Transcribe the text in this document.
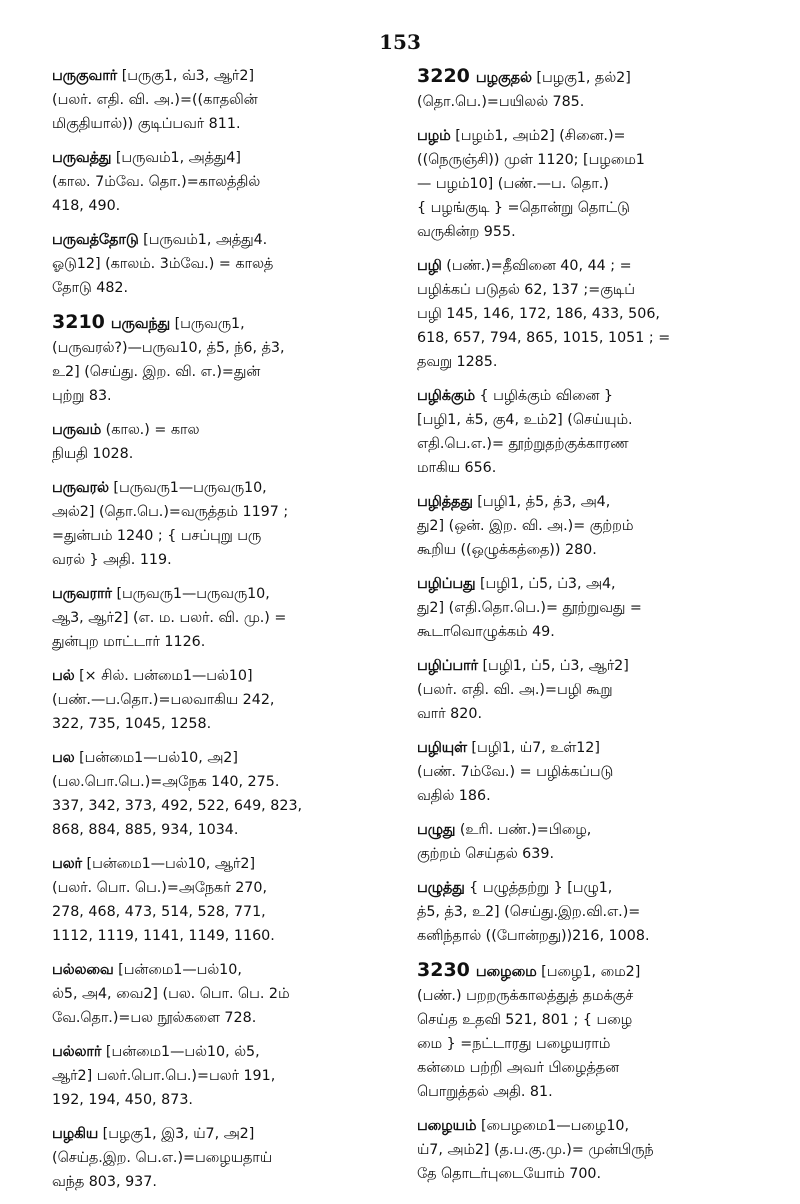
153
பருகுவார் [பருகு1, வ்3, ஆர்2]
(பலர். எதி. வி. அ.)=((காதலின்
மிகுதியால்)) குடிப்பவர் 811.
பருவத்து [பருவம்1, அத்து4]
(கால. 7ம்வே. தொ.)=காலத்தில்
418, 490.
பருவத்தோடு [பருவம்1, அத்து4.
ஓடு12] (காலம். 3ம்வே.) = காலத்
தோடு 482.
3210 பருவந்து [பருவரு1,
(பருவரல்?)—பருவ10, த்5, ந்6, த்3,
உ2] (செய்து. இற. வி. எ.)=துன்
புற்று 83.
பருவம் (கால.) = கால
நியதி 1028.
பருவரல் [பருவரு1—பருவரு10,
அல்2] (தொ.பெ.)=வருத்தம் 1197 ;
=துன்பம் 1240 ; { பசப்புறு பரு
வரல் } அதி. 119.
பருவரார் [பருவரு1—பருவரு10,
ஆ3, ஆர்2] (எ. ம. பலர். வி. மு.) =
துன்புற மாட்டார் 1126.
பல் [× சில். பன்மை1—பல்10]
(பண்.—ப.தொ.)=பலவாகிய 242,
322, 735, 1045, 1258.
பல [பன்மை1—பல்10, அ2]
(பல.பொ.பெ.)=அநேக 140, 275.
337, 342, 373, 492, 522, 649, 823,
868, 884, 885, 934, 1034.
பலர் [பன்மை1—பல்10, ஆர்2]
(பலர். பொ. பெ.)=அநேகர் 270,
278, 468, 473, 514, 528, 771,
1112, 1119, 1141, 1149, 1160.
பல்லவை [பன்மை1—பல்10,
ல்5, அ4, வை2] (பல. பொ. பெ. 2ம்
வே.தொ.)=பல நூல்களை 728.
பல்லார் [பன்மை1—பல்10, ல்5,
ஆர்2] பலர்.பொ.பெ.)=பலர் 191,
192, 194, 450, 873.
பழகிய [பழகு1, இ3, ய்7, அ2]
(செய்த.இற. பெ.எ.)=பழையதாய்
வந்த 803, 937.
3220 பழகுதல் [பழகு1, தல்2]
(தொ.பெ.)=பயிலல் 785.
பழம் [பழம்1, அம்2] (சினை.)=
((நெருஞ்சி)) முள் 1120; [பழமை1
— பழம்10] (பண்.—ப. தொ.)
{ பழங்குடி } =தொன்று தொட்டு
வருகின்ற 955.
பழி (பண்.)=தீவினை 40, 44 ; =
பழிக்கப் படுதல் 62, 137 ;=குடிப்
பழி 145, 146, 172, 186, 433, 506,
618, 657, 794, 865, 1015, 1051 ; =
தவறு 1285.
பழிக்கும் { பழிக்கும் வினை }
[பழி1, க்5, கு4, உம்2] (செய்யும்.
எதி.பெ.எ.)= தூற்றுதற்குக்காரண
மாகிய 656.
பழித்தது [பழி1, த்5, த்3, அ4,
து2] (ஒன். இற. வி. அ.)= குற்றம்
கூறிய ((ஒழுக்கத்தை)) 280.
பழிப்பது [பழி1, ப்5, ப்3, அ4,
து2] (எதி.தொ.பெ.)= தூற்றுவது =
கூடாவொழுக்கம் 49.
பழிப்பார் [பழி1, ப்5, ப்3, ஆர்2]
(பலர். எதி. வி. அ.)=பழி கூறு
வார் 820.
பழியுள் [பழி1, ய்7, உள்12]
(பண். 7ம்வே.) = பழிக்கப்படு
வதில் 186.
பழுது (உரி. பண்.)=பிழை,
குற்றம் செய்தல் 639.
பழுத்து { பழுத்தற்று } [பழு1,
த்5, த்3, உ2] (செய்து.இற.வி.எ.)=
கனிந்தால் ((போன்றது))216, 1008.
3230 பழைமை [பழை1, மை2]
(பண்.) பறறருக்காலத்துத் தமக்குச்
செய்த உதவி 521, 801 ; { பழை
மை } =நட்டாரது பழையராம்
கன்மை பற்றி அவர் பிழைத்தன
பொறுத்தல் அதி. 81.
பழையம் [பைழமை1—பழை10,
ய்7, அம்2] (த.ப.கு.மு.)= முன்பிருந்
தே தொடர்புடையோம் 700.
